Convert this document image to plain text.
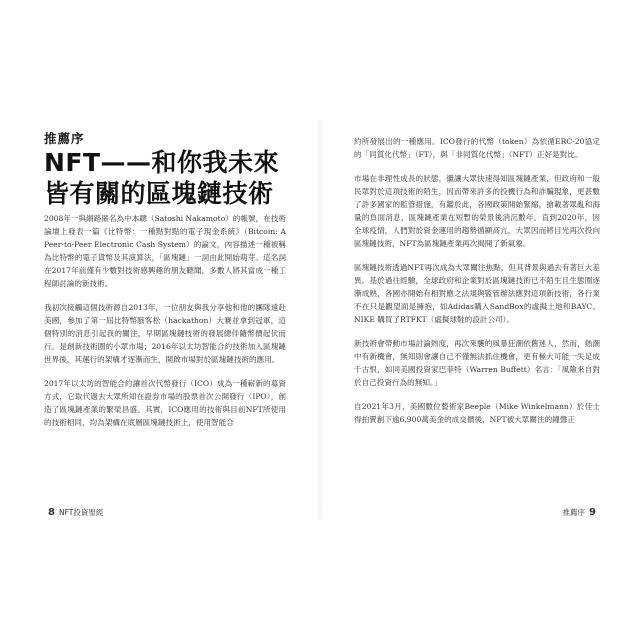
推薦序
NFT——和你我未來皆有關的區塊鏈技術

2008年一與網路匿名為中本聰（Satoshi Nakamoto）的帳號，在技術論壇上發表一篇《比特幣：一種點對點的電子現金系統》（Bitcoin: A Peer-to-Peer Electronic Cash System）的論文，內容描述一種被稱為比特幣的電子貨幣及其演算法，「區塊鏈」一詞由此開始萌芽。這名詞在2017年前僅有少數對技術感興趣的朋友聽聞，多數人將其當成一種工程師討論的新技術。

我初次接觸這個技術源自2013年，一位朋友與我分享他和他的團隊遠赴美國，參加了第一屆比特幣駭客松（hackathon）大賽並拿到冠軍，這個特別的消息引起我的關注，早期區塊鏈技術的發展總伴隨幣價起伏而行，是創新技術圈的小眾市場；2016年以太坊智能合約技術加入區塊鏈世界後，其運行的架構才逐漸而生，開啟市場對於區塊鏈技術的應用。

2017年以太坊的智能合約讓首次代幣發行（ICO）成為一種嶄新的募資方式，它取代過去大眾所知在證券市場的股票首次公開發行（IPO），創造了區塊鏈產業的繁榮昌盛。其實，ICO應用的技術與目前NFT所使用的技術相同，均為架構在底層區塊鏈技術上，使用智能合

8 NFT投資聖經

約所發展出的一種應用。ICO發行的代幣（token）為依循ERC-20協定的「同質化代幣」（FT），與「非同質化代幣」（NFT）正好是對比。

市場在非理性成長的狀態，繼讓大眾快速得知區塊鏈產業，但政府和一般民眾對於這項技術的陌生，因而帶來許多的投機行為和詐騙現象，更甚數了許多國家的監管措施，有鑑於此，各國政策開始緊縮，搶載著眾亂和海量的負面消息，區塊鏈產業在短暫的榮景後消沉數年。直到2020年，因全球疫情，人們對於資金運用的趨勢循顯高亢，大眾因而將目光再次投向區塊鏈技術，NFT為區塊鏈產業再次揭開了新氣象。

區塊鏈技術透過NFT再次成為大眾關注焦點，但其背景與過去有著巨大差異。基於過往經驗，全球政府和企業對於區塊鏈技術已不陌生且生態圈逐漸成熟，各國亦開始有相對應之法規與監管辦法應對這項新技術，各行業不在只是觀望面是擁抱，如Adidas購入SandBox的虛擬土地和BAYC、NIKE 購買了RTFKT（虛擬球鞋的設計公司）。

新技術會帶動市場討論熱度，再次來襲的風暴狂潮依舊迷人，然而，熱潮中有新機會，無知則會讓自己不僅無法抓住機會，更有極大可能一失足成千古恨，如同美國投資家巴菲特（Warren Buffett）名言：「風險來自對於自己投資行為的無知。」

自2021年3月，美國數位藝術家Beeple（Mike Winkelmann）於佳士得拍賣創下逾6,900萬美金的成交價後，NFT被大眾關注的鐘聲正

推薦序 9
